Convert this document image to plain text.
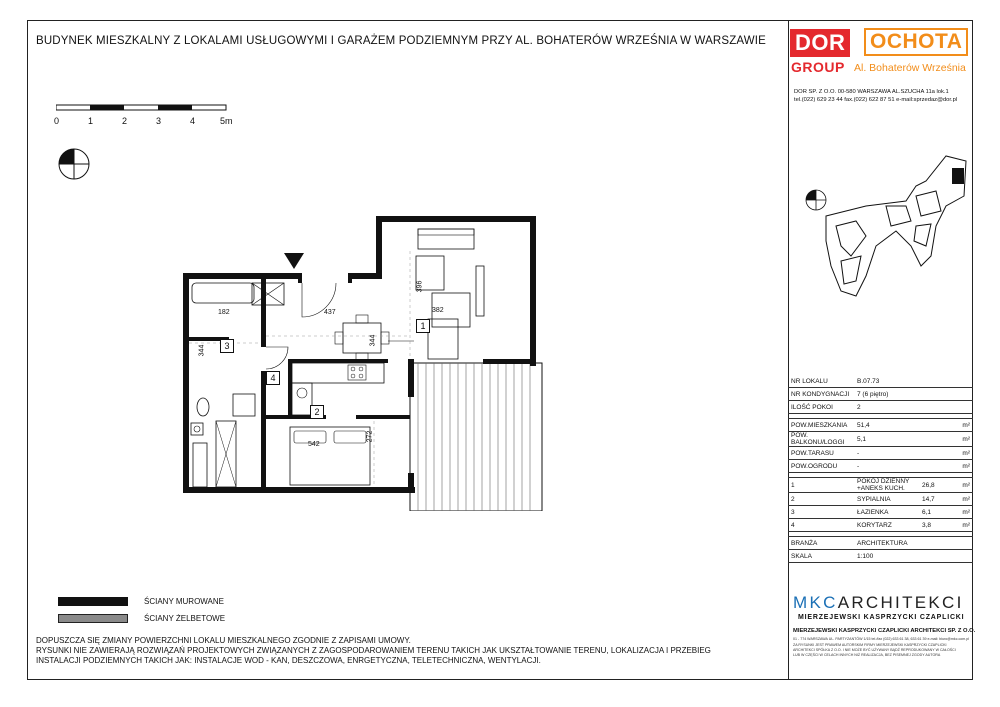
BUDYNEK MIESZKALNY Z LOKALAMI USŁUGOWYMI I GARAŻEM PODZIEMNYM PRZY AL. BOHATERÓW WRZEŚNIA W WARSZAWIE
0	1	2	3	4	5m
1
2
3
4
437
396
382
344
182
344
542
272
ŚCIANY MUROWANE
ŚCIANY ŻELBETOWE
DOPUSZCZA SIĘ ZMIANY POWIERZCHNI LOKALU MIESZKALNEGO ZGODNIE Z ZAPISAMI UMOWY.
RYSUNKI NIE ZAWIERAJĄ ROZWIĄZAŃ PROJEKTOWYCH ZWIĄZANYCH Z ZAGOSPODAROWANIEM TERENU TAKICH JAK UKSZTAŁTOWANIE TERENU, LOKALIZACJA I PRZEBIEG
INSTALACJI PODZIEMNYCH TAKICH JAK: INSTALACJE WOD - KAN, DESZCZOWA, ENRGETYCZNA, TELETECHNICZNA, WENTYLACJI.
DOR OCHOTA
GROUP Al. Bohaterów Września
DOR SP. Z O.O. 00-580 WARSZAWA AL.SZUCHA 11a lok.1
tel.(022) 629 23 44 fax.(022) 622 87 51 e-mail:sprzedaz@dor.pl
NR LOKALU	B.07.73		
NR KONDYGNACJI	7 (6 piętro)		
ILOŚĆ POKOI	2		

POW.MIESZKANIA	51,4		m²
POW. BALKONU/LOGGI	5,1		m²
POW.TARASU	-		m²
POW.OGRODU	-		m²

1	POKÓJ DZIENNY +ANEKS KUCH.	26,8	m²
2	SYPIALNIA	14,7	m²
3	ŁAZIENKA	6,1	m²
4	KORYTARZ	3,8	m²

BRANŻA	ARCHITEKTURA		
SKALA	1:100		
MKCARCHITEKCI
MIERZEJEWSKI KASPRZYCKI CZAPLICKI
MIERZEJEWSKI KASPRZYCKI CZAPLICKI ARCHITEKCI SP. Z O.O.
01 - 774 WARSZAWA UL. PARTYZANTÓW 1/15 tel./fax (022) 633 61 38, 633 61 39 e-mail: biuro@mkc.com.pl
ZA RYSUNKI JEST PRAWEM AUTORSKIM FIRMY MIERZEJEWSKI KASPRZYCKI CZAPLICKI
ARCHITEKCI SPÓŁKA Z O.O. I NIE MOŻE BYĆ UŻYWANY BĄDŹ REPRODUKOWANY W CAŁOŚCI
LUB W CZĘŚCI W CELACH INNYCH NIŻ REALIZACJA, BEZ PISEMNEJ ZGODY AUTORA
